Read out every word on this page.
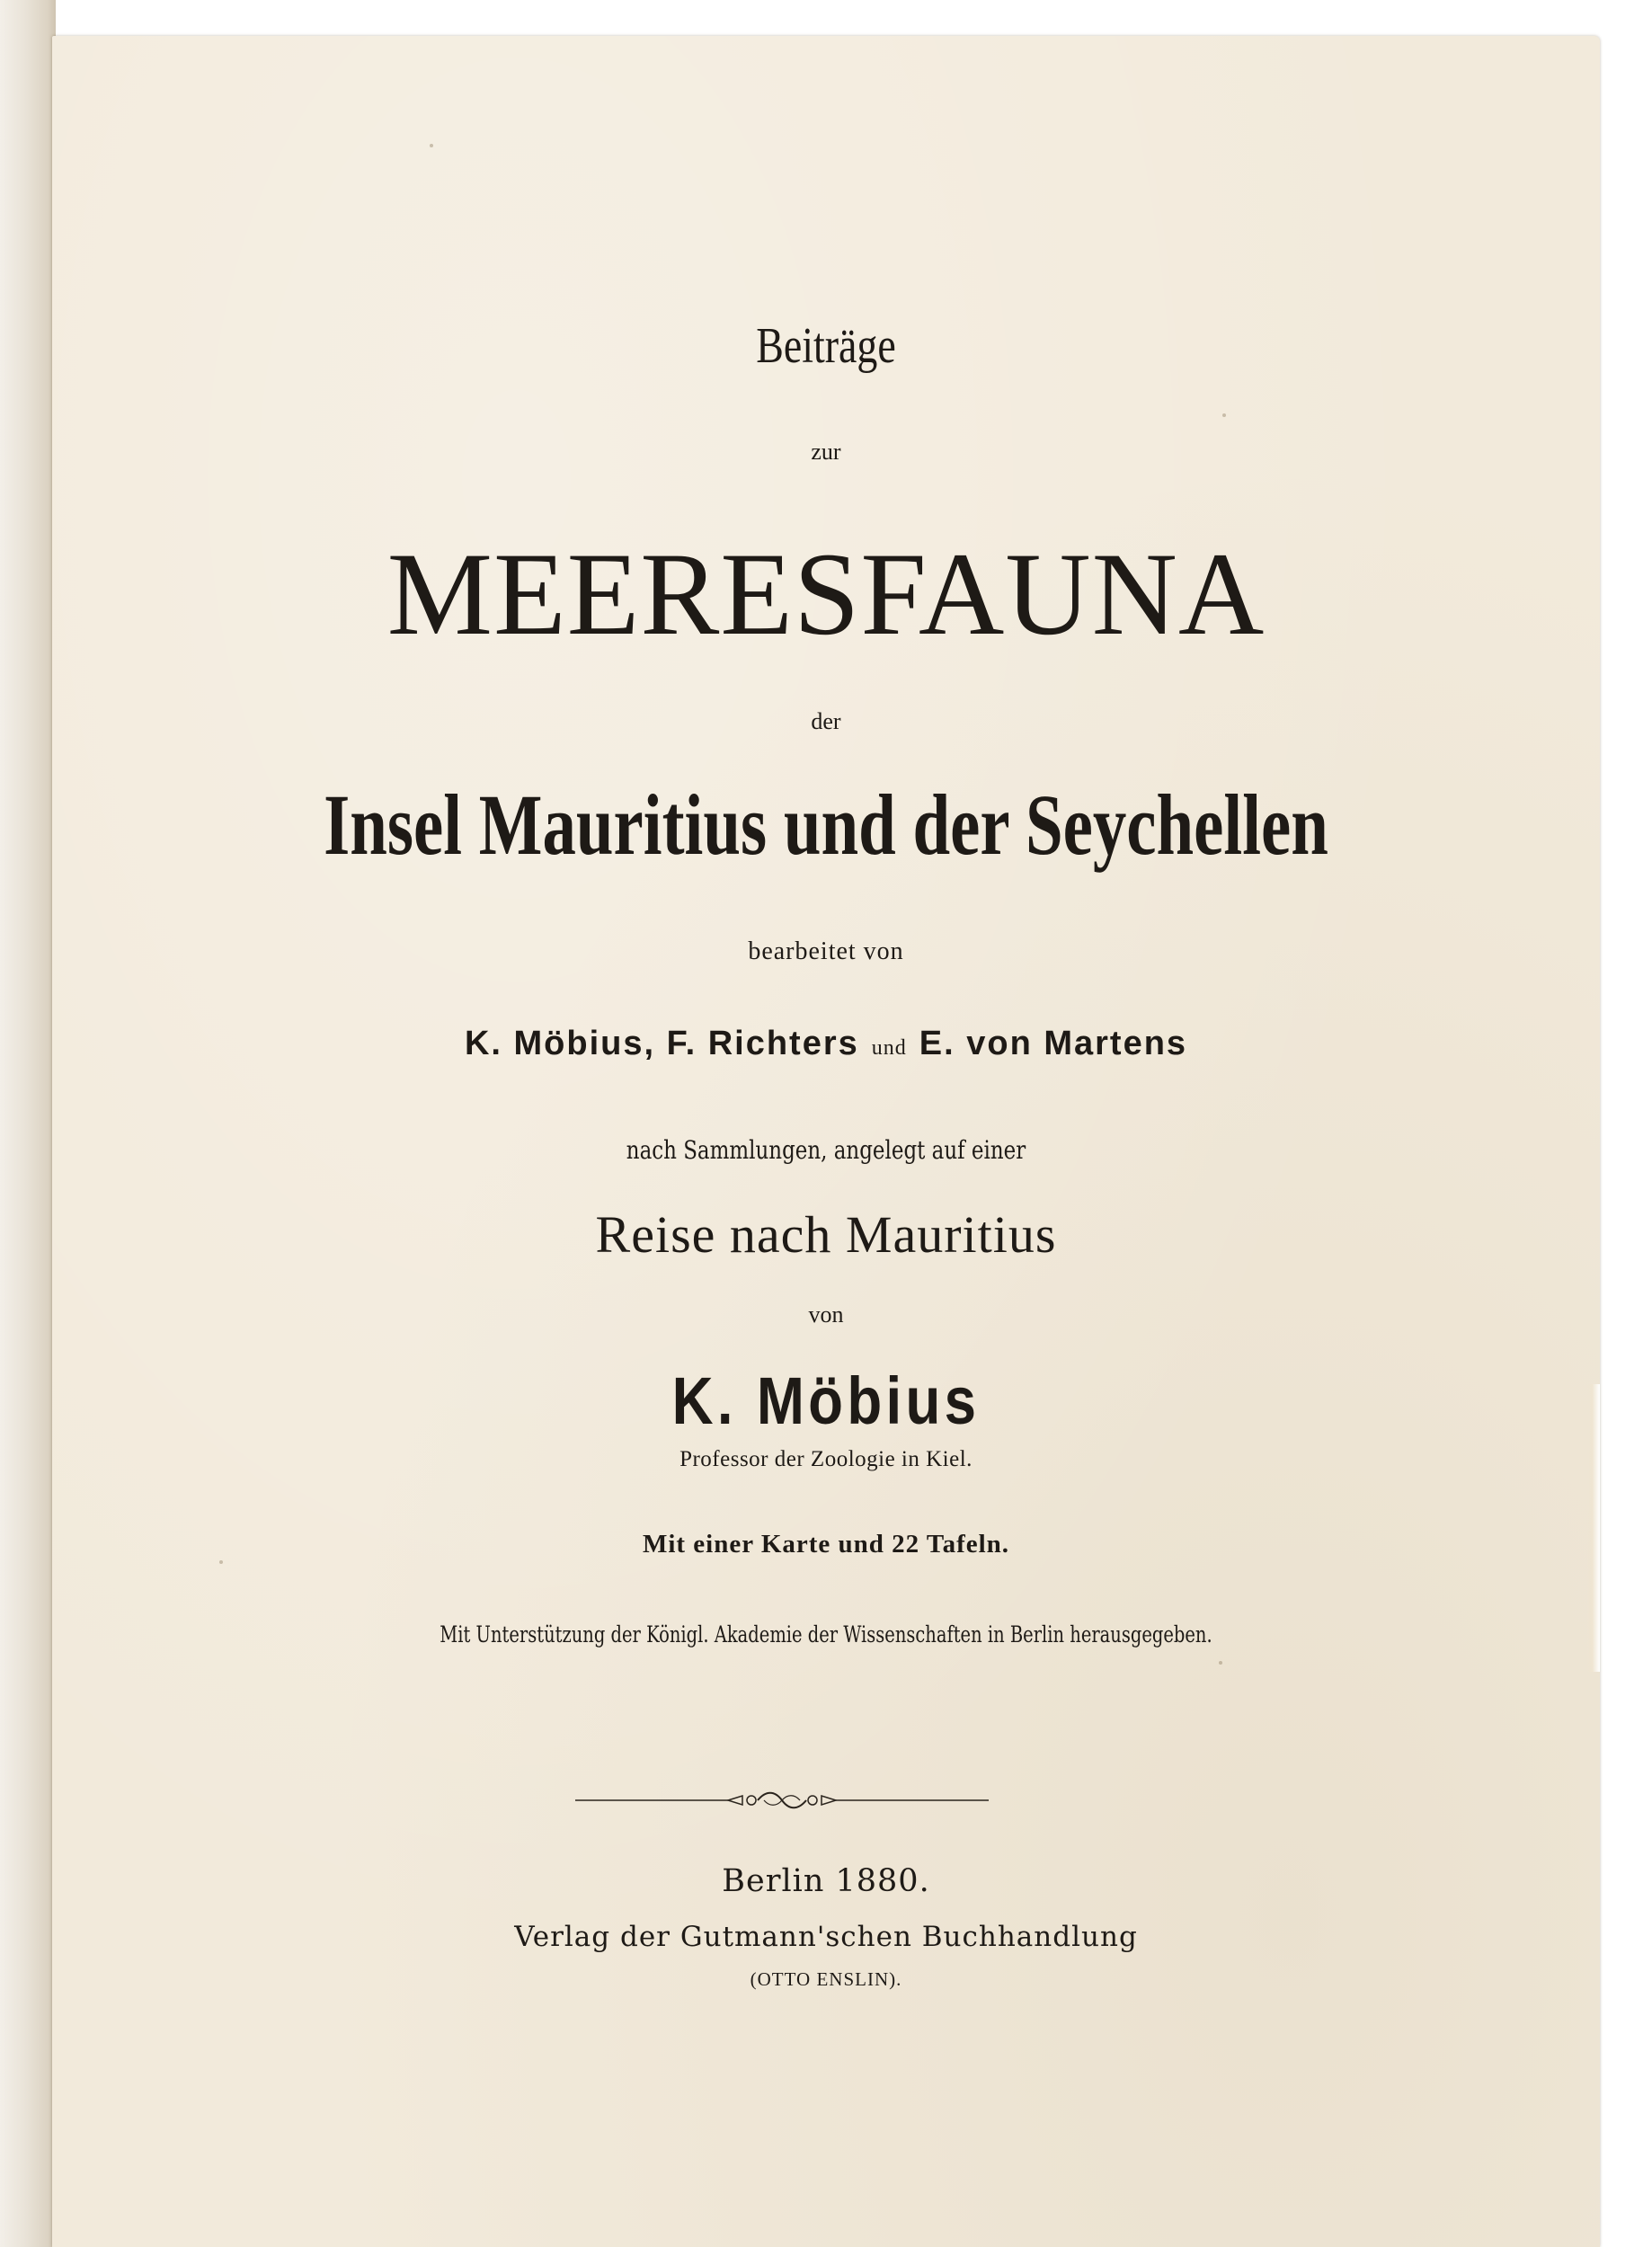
Beiträge
zur
MEERESFAUNA
der
Insel Mauritius und der Seychellen
bearbeitet von
K. Möbius, F. Richters und E. von Martens
nach Sammlungen, angelegt auf einer
Reise nach Mauritius
von
K. Möbius
Professor der Zoologie in Kiel.
Mit einer Karte und 22 Tafeln.
Mit Unterstützung der Königl. Akademie der Wissenschaften in Berlin herausgegeben.
Berlin 1880.
Verlag der Gutmann'schen Buchhandlung
(OTTO ENSLIN).
